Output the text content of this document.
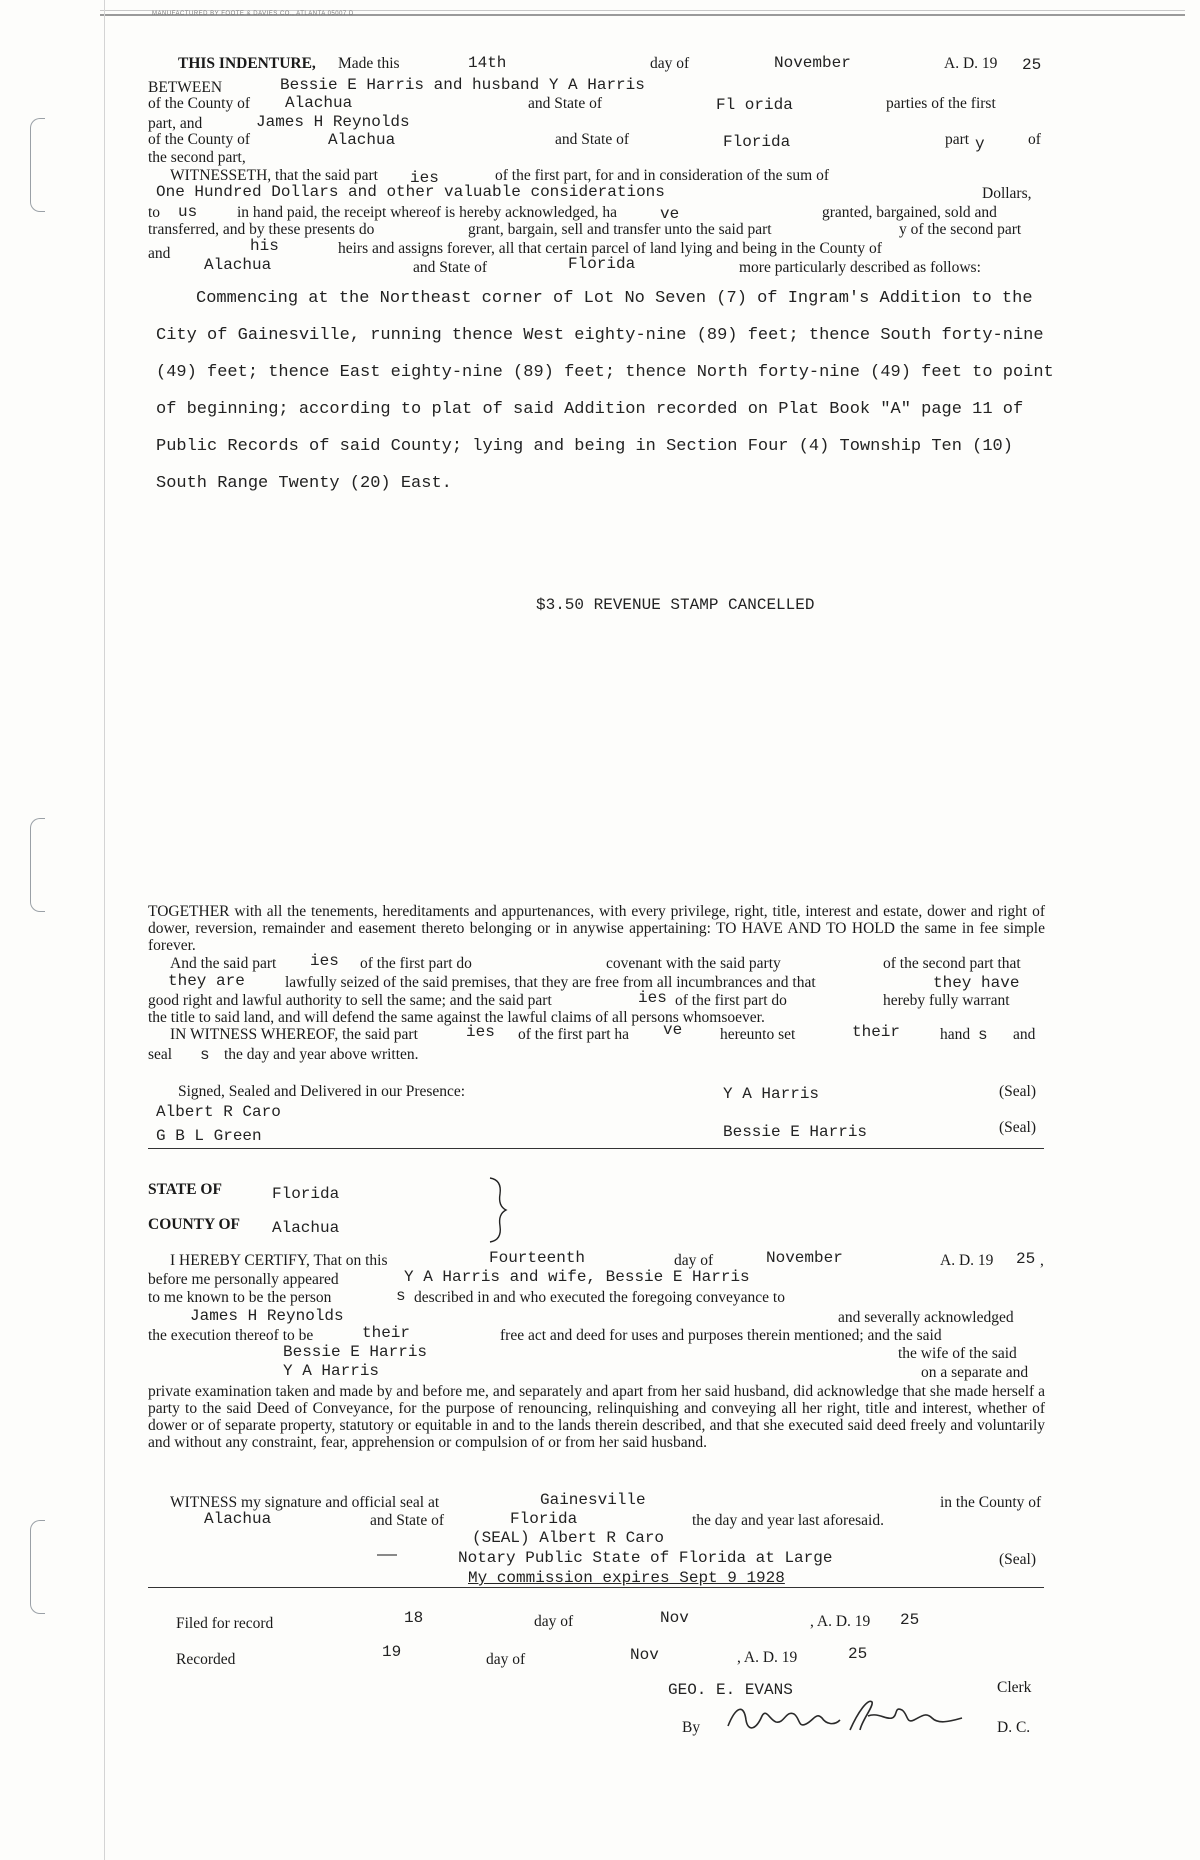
MANUFACTURED BY FOOTE & DAVIES CO., ATLANTA 05007 D
THIS INDENTURE, Made this	14th	day of	November	A. D. 19 25
BETWEEN	Bessie E Harris and husband Y A Harris
of the County of Alachua	and State of	Fl orida	parties of the first
part, and	James H Reynolds
of the County of	Alachua	and State of	Florida	part y	of
the second part,
WITNESSETH, that the said part ies	of the first part, for and in consideration of the sum of
One Hundred Dollars and other valuable considerations	Dollars,
to us	in hand paid, the receipt whereof is hereby acknowledged, ha	ve	granted, bargained, sold and
transferred, and by these presents do	grant, bargain, sell and transfer unto the said part	y of the second part
and	his	heirs and assigns forever, all that certain parcel of land lying and being in the County of
Alachua	and State of	Florida	more particularly described as follows:
Commencing at the Northeast corner of Lot No Seven (7) of Ingram's Addition to the
City of Gainesville, running thence West eighty-nine (89) feet; thence South forty-nine
(49) feet; thence East eighty-nine (89) feet; thence North forty-nine (49) feet to point
of beginning; according to plat of said Addition recorded on Plat Book "A" page 11 of
Public Records of said County; lying and being in Section Four (4) Township Ten (10)
South Range Twenty (20) East.
$3.50 REVENUE STAMP CANCELLED
TOGETHER with all the tenements, hereditaments and appurtenances, with every privilege, right, title, interest and estate, dower and right of dower, reversion, remainder and easement thereto belonging or in anywise appertaining: TO HAVE AND TO HOLD the same in fee simple forever.
And the said part ies of the first part do	covenant with the said party	of the second part that
they are	lawfully seized of the said premises, that they are free from all incumbrances and that	they have
good right and lawful authority to sell the same; and the said part	ies of the first part do	hereby fully warrant
the title to said land, and will defend the same against the lawful claims of all persons whomsoever.
IN WITNESS WHEREOF, the said part	ies of the first part ha ve hereunto set	their	hand s and
seal s the day and year above written.
Signed, Sealed and Delivered in our Presence:
Albert R Caro
G B L Green
Y A Harris
Bessie E Harris
(Seal)
(Seal)
STATE OF	Florida
COUNTY OF Alachua
I HEREBY CERTIFY, That on this	Fourteenth	day of	November	A. D. 19 25 ,
before me personally appeared	Y A Harris and wife, Bessie E Harris
to me known to be the person	s described in and who executed the foregoing conveyance to
James H Reynolds	and severally acknowledged
the execution thereof to be	their	free act and deed for uses and purposes therein mentioned; and the said
Bessie E Harris	the wife of the said
Y A Harris	on a separate and
private examination taken and made by and before me, and separately and apart from her said husband, did acknowledge that she made herself a party to the said Deed of Conveyance, for the purpose of renouncing, relinquishing and conveying all her right, title and interest, whether of dower or of separate property, statutory or equitable in and to the lands therein described, and that she executed said deed freely and voluntarily and without any constraint, fear, apprehension or compulsion of or from her said husband.
WITNESS my signature and official seal at	Gainesville	in the County of
Alachua	and State of	Florida	the day and year last aforesaid.
(SEAL) Albert R Caro
Notary Public State of Florida at Large	(Seal)
My commission expires Sept 9 1928
Filed for record	18	day of	Nov	, A. D. 19 25
Recorded	19	day of	Nov	, A. D. 19	25
GEO. E. EVANS	Clerk
By	D. C.
